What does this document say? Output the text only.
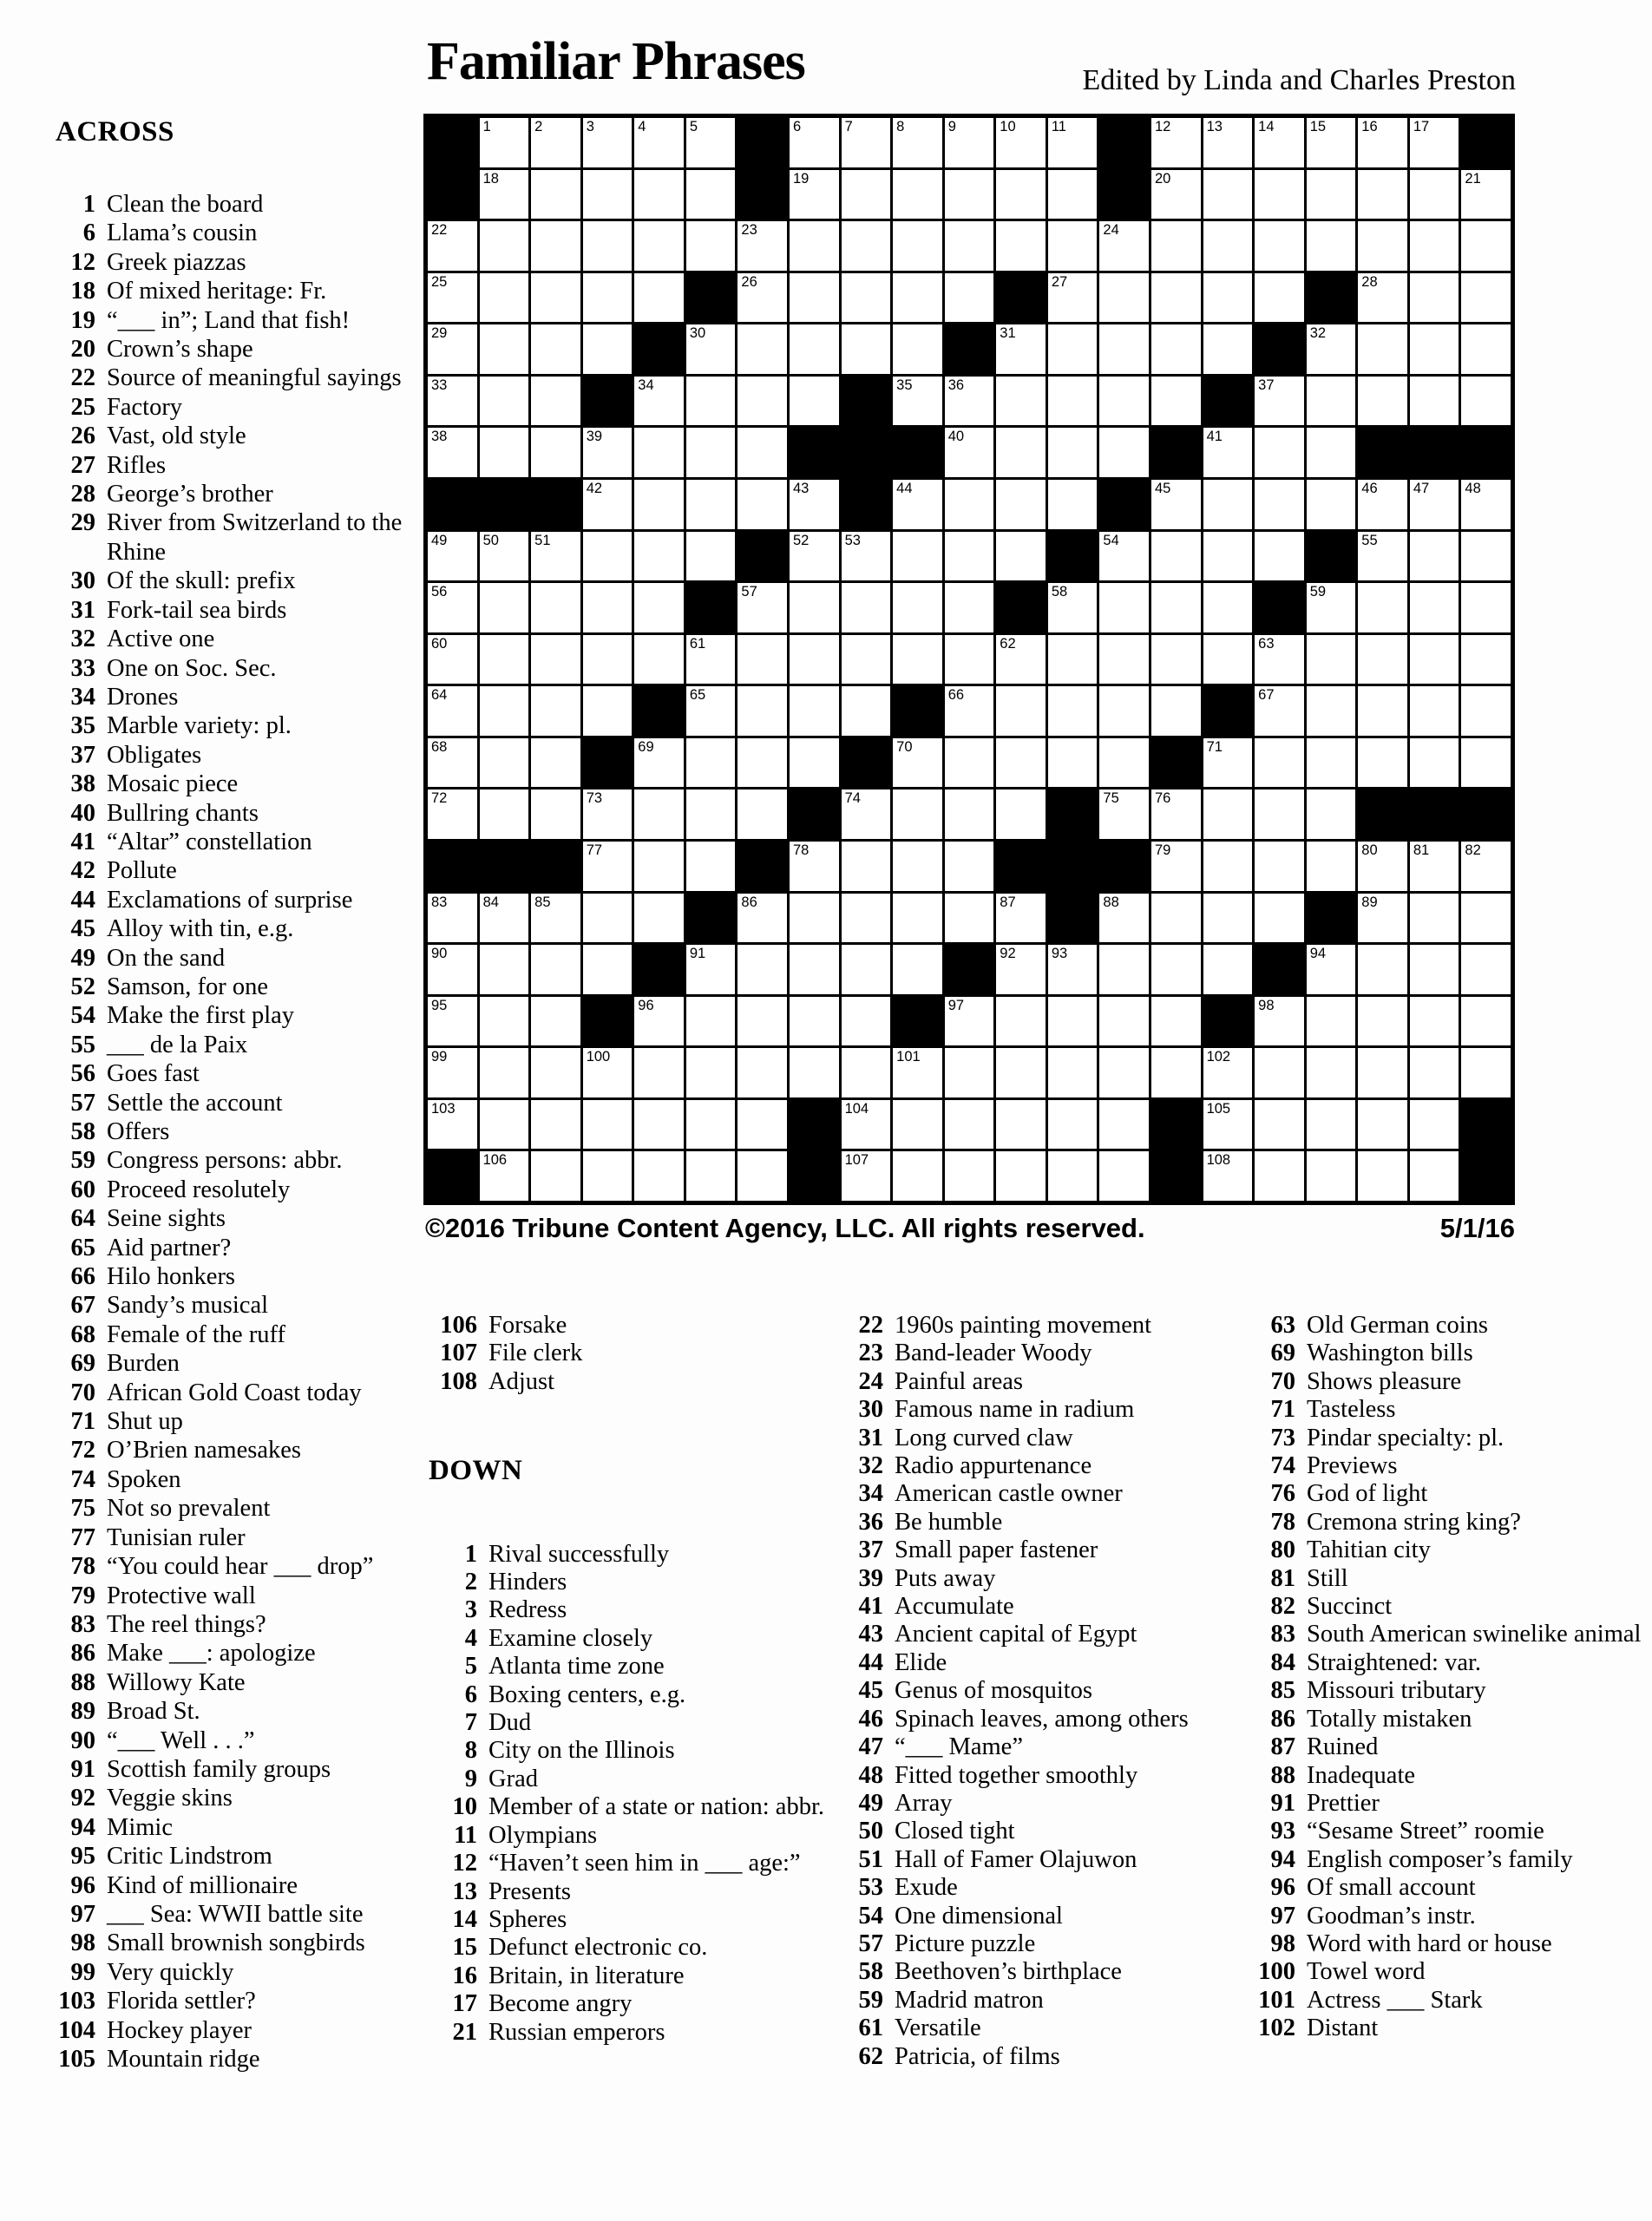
Familiar Phrases	Edited by Linda and Charles Preston
ACROSS
1 Clean the board
6 Llama’s cousin
12 Greek piazzas
18 Of mixed heritage: Fr.
19 “___ in”; Land that fish!
20 Crown’s shape
22 Source of meaningful sayings
25 Factory
26 Vast, old style
27 Rifles
28 George’s brother
29 River from Switzerland to the Rhine
30 Of the skull: prefix
31 Fork-tail sea birds
32 Active one
33 One on Soc. Sec.
34 Drones
35 Marble variety: pl.
37 Obligates
38 Mosaic piece
40 Bullring chants
41 “Altar” constellation
42 Pollute
44 Exclamations of surprise
45 Alloy with tin, e.g.
49 On the sand
52 Samson, for one
54 Make the first play
55 ___ de la Paix
56 Goes fast
57 Settle the account
58 Offers
59 Congress persons: abbr.
60 Proceed resolutely
64 Seine sights
65 Aid partner?
66 Hilo honkers
67 Sandy’s musical
68 Female of the ruff
69 Burden
70 African Gold Coast today
71 Shut up
72 O’Brien namesakes
74 Spoken
75 Not so prevalent
77 Tunisian ruler
78 “You could hear ___ drop”
79 Protective wall
83 The reel things?
86 Make ___: apologize
88 Willowy Kate
89 Broad St.
90 “___ Well . . .”
91 Scottish family groups
92 Veggie skins
94 Mimic
95 Critic Lindstrom
96 Kind of millionaire
97 ___ Sea: WWII battle site
98 Small brownish songbirds
99 Very quickly
103 Florida settler?
104 Hockey player
105 Mountain ridge
1	2	3	4	5	6	7	8	9	10 11	12 13 14 15 16 17
18	19	20	21
22	23	24
25	26	27	28
29	30	31	32
33	34	35 36	37
38	39	40	41
42	43	44	45	46 47 48
49 50 51	52 53	54	55
56	57	58	59
60	61	62	63
64	65	66	67
68	69	70	71
72	73	74	75 76
77	78	79	80 81 82
83 84 85	86	87	88	89
90	91	92 93	94
95	96	97	98
99	100	101	102
103	104	105
106	107	108
©2016 Tribune Content Agency, LLC. All rights reserved.	5/1/16
106 Forsake
107 File clerk
108 Adjust
DOWN
1 Rival successfully
2 Hinders
3 Redress
4 Examine closely
5 Atlanta time zone
6 Boxing centers, e.g.
7 Dud
8 City on the Illinois
9 Grad
10 Member of a state or nation: abbr.
11 Olympians
12 “Haven’t seen him in ___ age:”
13 Presents
14 Spheres
15 Defunct electronic co.
16 Britain, in literature
17 Become angry
21 Russian emperors
22 1960s painting movement
23 Band-leader Woody
24 Painful areas
30 Famous name in radium
31 Long curved claw
32 Radio appurtenance
34 American castle owner
36 Be humble
37 Small paper fastener
39 Puts away
41 Accumulate
43 Ancient capital of Egypt
44 Elide
45 Genus of mosquitos
46 Spinach leaves, among others
47 “___ Mame”
48 Fitted together smoothly
49 Array
50 Closed tight
51 Hall of Famer Olajuwon
53 Exude
54 One dimensional
57 Picture puzzle
58 Beethoven’s birthplace
59 Madrid matron
61 Versatile
62 Patricia, of films
63 Old German coins
69 Washington bills
70 Shows pleasure
71 Tasteless
73 Pindar specialty: pl.
74 Previews
76 God of light
78 Cremona string king?
80 Tahitian city
81 Still
82 Succinct
83 South American swinelike animal
84 Straightened: var.
85 Missouri tributary
86 Totally mistaken
87 Ruined
88 Inadequate
91 Prettier
93 “Sesame Street” roomie
94 English composer’s family
96 Of small account
97 Goodman’s instr.
98 Word with hard or house
100 Towel word
101 Actress ___ Stark
102 Distant
